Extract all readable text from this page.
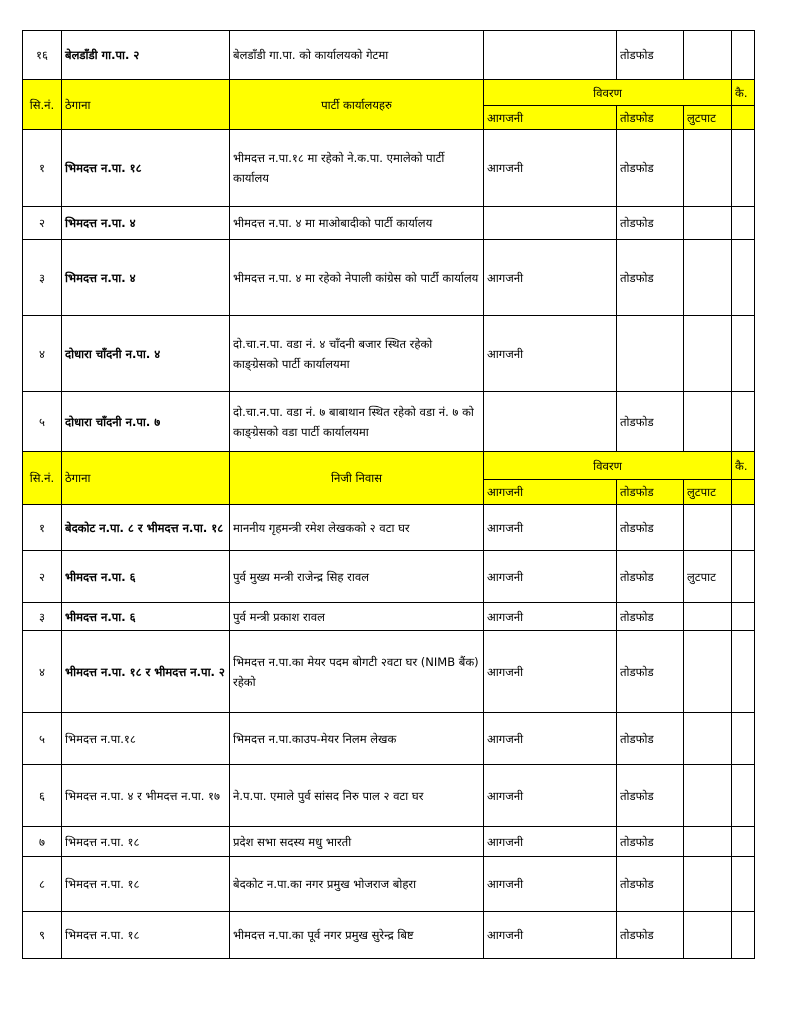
१६	बेलडाँडी गा.पा. २	बेलडाँडी गा.पा. को कार्यालयको गेटमा		तोडफोड		
सि.नं.	ठेगाना	पार्टी कार्यालयहरु	विवरण			कै.
			आगजनी	तोडफोड	लुटपाट	
१	भिमदत्त न.पा. १८	भीमदत्त न.पा.१८ मा रहेको ने.क.पा. एमालेको पार्टी कार्यालय	आगजनी	तोडफोड		
२	भिमदत्त न.पा. ४	भीमदत्त न.पा. ४ मा माओबादीको पार्टी कार्यालय		तोडफोड		
३	भिमदत्त न.पा. ४	भीमदत्त न.पा. ४ मा रहेको नेपाली कांग्रेस को पार्टी कार्यालय	आगजनी	तोडफोड		
४	दोधारा चाँदनी न.पा. ४	दो.चा.न.पा. वडा नं. ४ चाँदनी बजार स्थित रहेको काङ्ग्रेसको पार्टी कार्यालयमा	आगजनी			
५	दोधारा चाँदनी न.पा. ७	दो.चा.न.पा. वडा नं. ७ बाबाथान स्थित रहेको वडा नं. ७ को काङ्ग्रेसको वडा पार्टी कार्यालयमा		तोडफोड		
सि.नं.	ठेगाना	निजी निवास	विवरण			कै.
			आगजनी	तोडफोड	लुटपाट	
१	बेदकोट न.पा. ८ र भीमदत्त न.पा. १८	माननीय गृहमन्त्री रमेश लेखकको २ वटा घर	आगजनी	तोडफोड		
२	भीमदत्त न.पा. ६	पुर्व मुख्य मन्त्री राजेन्द्र सिह रावल	आगजनी	तोडफोड	लुटपाट	
३	भीमदत्त न.पा. ६	पुर्व मन्त्री प्रकाश रावल	आगजनी	तोडफोड		
४	भीमदत्त न.पा. १८ र भीमदत्त न.पा. २	भिमदत्त न.पा.का मेयर पदम बोगटी २वटा घर (NIMB बैंक) रहेको	आगजनी	तोडफोड		
५	भिमदत्त न.पा.१८	भिमदत्त न.पा.काउप-मेयर निलम लेखक	आगजनी	तोडफोड		
६	भिमदत्त न.पा. ४ र भीमदत्त न.पा. १७	ने.प.पा. एमाले पुर्व सांसद निरु पाल २ वटा घर	आगजनी	तोडफोड		
७	भिमदत्त न.पा. १८	प्रदेश सभा सदस्य मधु भारती	आगजनी	तोडफोड		
८	भिमदत्त न.पा. १८	बेदकोट न.पा.का नगर प्रमुख भोजराज बोहरा	आगजनी	तोडफोड		
९	भिमदत्त न.पा. १८	भीमदत्त न.पा.का पूर्व नगर प्रमुख सुरेन्द्र बिष्ट	आगजनी	तोडफोड		
